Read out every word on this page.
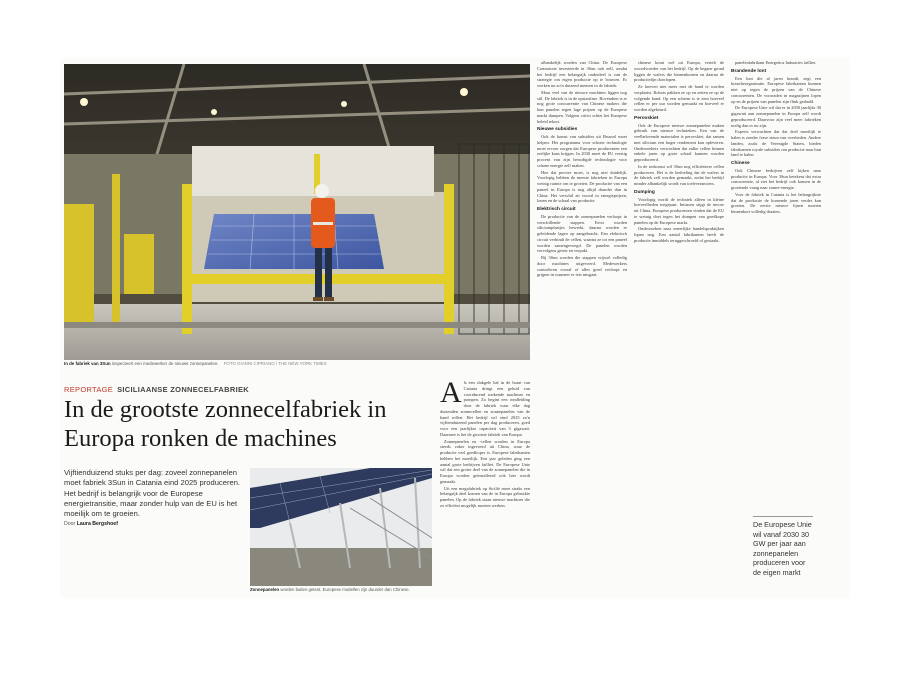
In de fabriek van 3Sun inspecteert een medewerker de nieuwe zonnepanelen. FOTO GIANNI CIPRIANO / THE NEW YORK TIMES
REPORTAGE SICILIAANSE ZONNECELFABRIEK
In de grootste zonnecelfabriek in Europa ronken de machines

Vijftienduizend stuks per dag: zoveel zonnepanelen moet fabriek 3Sun in Catania eind 2025 produceren. Het bedrijf is belangrijk voor de Europese energietransitie, maar zonder hulp van de EU is het moeilijk om te groeien.

Door Laura Bergshoef
Zonnepanelen worden buiten getest. Europese modellen zijn duurder dan Chinese.

Als een slakgele hal in de buurt van Catania dringt een geluid van voortdurend ronkende machines en pompen. Zo begint een rondleiding door de fabriek waar elke dag duizenden zonnecellen en zonnepanelen van de band rollen. Het bedrijf wil eind 2025 zo'n vijftienduizend panelen per dag produceren, goed voor een jaarlijkse capaciteit van 3 gigawatt. Daarmee is het de grootste fabriek van Europa.

Zonnepanelen en -cellen worden in Europa steeds vaker ingevoerd uit China, waar de productie veel goedkoper is. Europese fabrikanten hebben het moeilijk. Een jaar geleden ging een aantal grote bedrijven failliet. De Europese Unie wil dat een groter deel van de zonnepanelen die in Europa worden geïnstalleerd ook hier wordt gemaakt.

Uit een megafabriek op Sicilië moet straks een belangrijk deel komen van de in Europa gebruikte panelen. Op de fabriek staan nieuwe machines die zo efficiënt mogelijk moeten werken.

afhankelijk worden van China. De Europese Commissie investeerde in 3Sun ook zelf, omdat het bedrijf een belangrijk onderdeel is van de strategie om eigen productie op te bouwen. Er werken nu zo'n duizend mensen in de fabriek.

Maar veel van de nieuwe machines liggen nog stil. De fabriek is in de opstartfase. Bovendien is er nog grote concurrentie van Chinese makers die hun panelen tegen lage prijzen op de Europese markt dumpen. Volgens critici schiet het Europese beleid tekort.

Nieuwe subsidies

Ook de komst van subsidies uit Brussel moet helpen. Het programma voor schone technologie moet ervoor zorgen dat Europese producenten een eerlijke kans krijgen. In 2030 moet de EU veertig procent van zijn benodigde technologie voor schone energie zelf maken.

Hoe dat precies moet, is nog niet duidelijk. Voorlopig hebben de meeste fabrieken in Europa weinig ruimte om te groeien. De productie van een paneel in Europa is nog altijd duurder dan in China. Het verschil zit vooral in energieprijzen, lonen en de schaal van productie.

Elektrisch circuit

De productie van de zonnepanelen verloopt in verschillende stappen. Eerst worden siliciumplaatjes bewerkt, daarna worden er geleidende lagen op aangebracht. Een elektrisch circuit verbindt de cellen, waarna ze tot een paneel worden samengevoegd. De panelen worden vervolgens getest en verpakt.

Bij 3Sun worden die stappen vrijwel volledig door machines uitgevoerd. Medewerkers controleren vooral of alles goed verloopt en grijpen in wanneer er iets misgaat.

chinese komt wel uit Europa, vertelt de woordvoerder van het bedrijf. Op de begane grond liggen de wafers die binnenkomen en daarna de productielijn doorlopen.

Ze hoeven niet meer met de hand te worden verplaatst. Robots pakken ze op en zetten ze op de volgende band. Op een scherm is te zien hoeveel cellen er per uur worden gemaakt en hoeveel er worden afgekeurd.

Perovskiet

Ook de Europese nieuwe zonnepanelen maken gebruik van nieuwe technieken. Een van de veelbelovende materialen is perovskiet, dat samen met silicium een hoger rendement kan opleveren. Onderzoekers verwachten dat zulke cellen binnen enkele jaren op grote schaal kunnen worden geproduceerd.

In de toekomst wil 3Sun nog efficiëntere cellen produceren. Het is de bedoeling dat de wafers in de fabriek zelf worden gemaakt, zodat het bedrijf minder afhankelijk wordt van toeleveranciers.

Dumping

Voorlopig wordt de techniek alleen in kleine hoeveelheden toegepast. Intussen stijgt de invoer uit China. Europese producenten vinden dat de EU te weinig doet tegen het dumpen van goedkope panelen op de Europese markt.

Onderzoeken naar oneerlijke handelspraktijken lopen nog. Een aantal fabrikanten heeft de productie inmiddels teruggeschroefd of gestaakt.

panelenfabrikant Energetica Industries failliet.

Brandende lont

Een lont die al jaren brandt, zegt een brancheorganisatie. Europese fabrikanten kunnen niet op tegen de prijzen van de Chinese concurrenten. De voorraden in magazijnen lopen op en de prijzen van panelen zijn flink gedaald.

De Europese Unie wil dat er in 2030 jaarlijks 30 gigawatt aan zonnepanelen in Europa zelf wordt geproduceerd. Daarvoor zijn veel meer fabrieken nodig dan er nu zijn.

Experts verwachten dat dat doel moeilijk te halen is zonder forse steun van overheden. Andere landen, zoals de Verenigde Staten, bieden fabrikanten royale subsidies om productie naar hun land te halen.

Chinese

Ook Chinese bedrijven zelf kijken naar productie in Europa. Voor 3Sun betekent dat extra concurrentie, al ziet het bedrijf ook kansen in de groeiende vraag naar zonne-energie.

Voor de fabriek in Catania is het belangrijkste dat de productie de komende jaren verder kan groeien. De eerste nieuwe lijnen moeten binnenkort volledig draaien.

De Europese Unie wil vanaf 2030 30 GW per jaar aan zonnepanelen produceren voor de eigen markt
